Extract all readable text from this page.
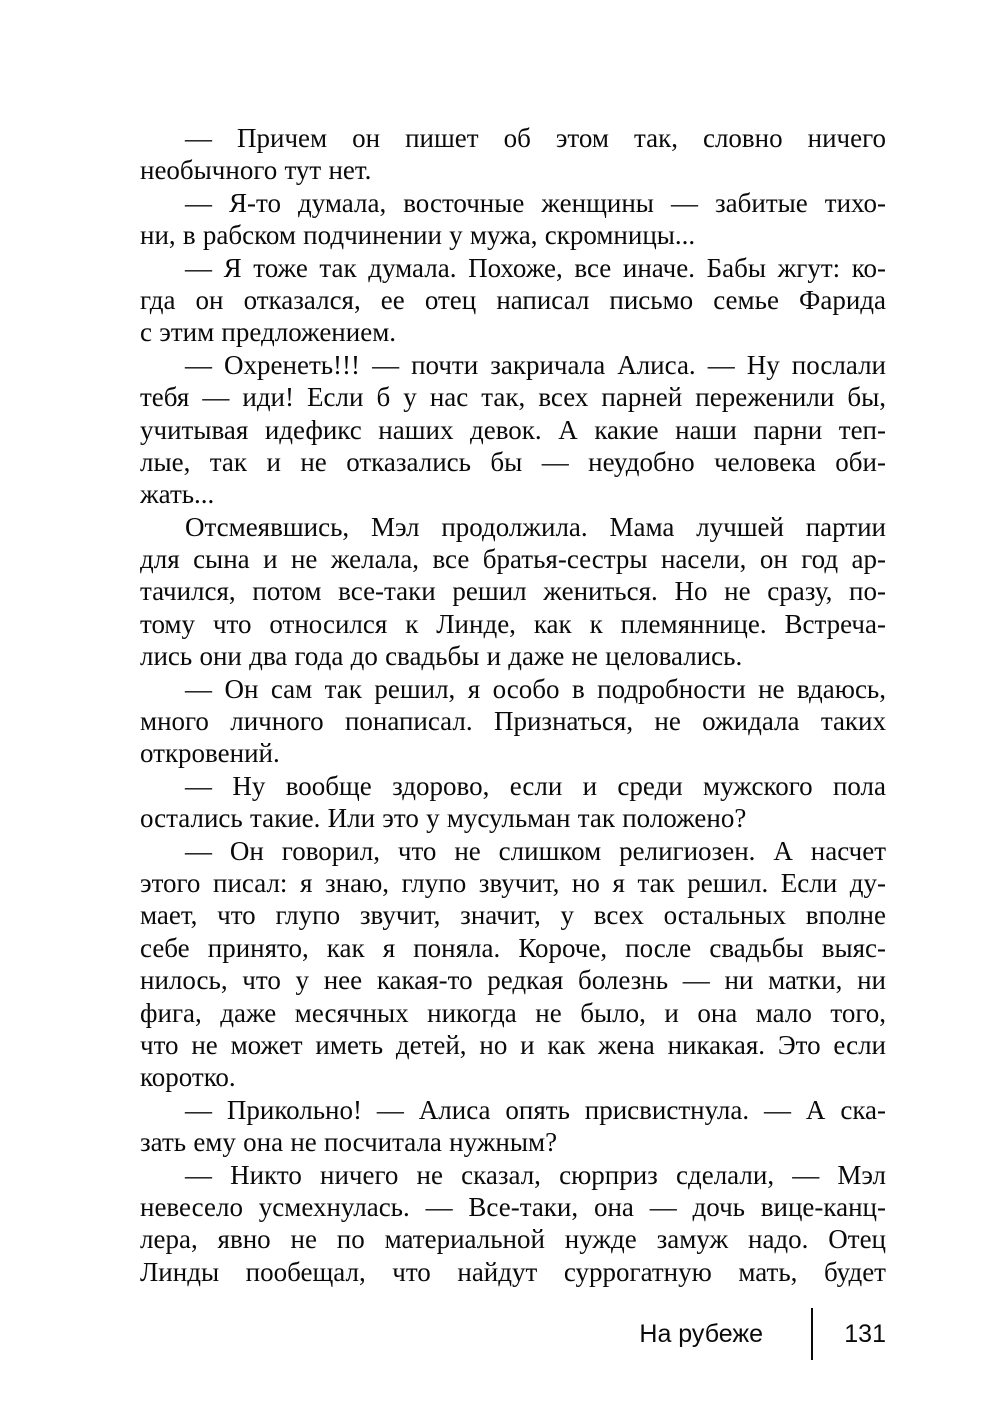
— Причем он пишет об этом так, словно ничего
необычного тут нет.
— Я-то думала, восточные женщины — забитые тихо-
ни, в рабском подчинении у мужа, скромницы...
— Я тоже так думала. Похоже, все иначе. Бабы жгут: ко-
гда он отказался, ее отец написал письмо семье Фарида
с этим предложением.
— Охренеть!!! — почти закричала Алиса. — Ну послали
тебя — иди! Если б у нас так, всех парней переженили бы,
учитывая идефикс наших девок. А какие наши парни теп-
лые, так и не отказались бы — неудобно человека оби-
жать...
Отсмеявшись, Мэл продолжила. Мама лучшей партии
для сына и не желала, все братья-сестры насели, он год ар-
тачился, потом все-таки решил жениться. Но не сразу, по-
тому что относился к Линде, как к племяннице. Встреча-
лись они два года до свадьбы и даже не целовались.
— Он сам так решил, я особо в подробности не вдаюсь,
много личного понаписал. Признаться, не ожидала таких
откровений.
— Ну вообще здорово, если и среди мужского пола
остались такие. Или это у мусульман так положено?
— Он говорил, что не слишком религиозен. А насчет
этого писал: я знаю, глупо звучит, но я так решил. Если ду-
мает, что глупо звучит, значит, у всех остальных вполне
себе принято, как я поняла. Короче, после свадьбы выяс-
нилось, что у нее какая-то редкая болезнь — ни матки, ни
фига, даже месячных никогда не было, и она мало того,
что не может иметь детей, но и как жена никакая. Это если
коротко.
— Прикольно! — Алиса опять присвистнула. — А ска-
зать ему она не посчитала нужным?
— Никто ничего не сказал, сюрприз сделали, — Мэл
невесело усмехнулась. — Все-таки, она — дочь вице-канц-
лера, явно не по материальной нужде замуж надо. Отец
Линды пообещал, что найдут суррогатную мать, будет
На рубеже	131
